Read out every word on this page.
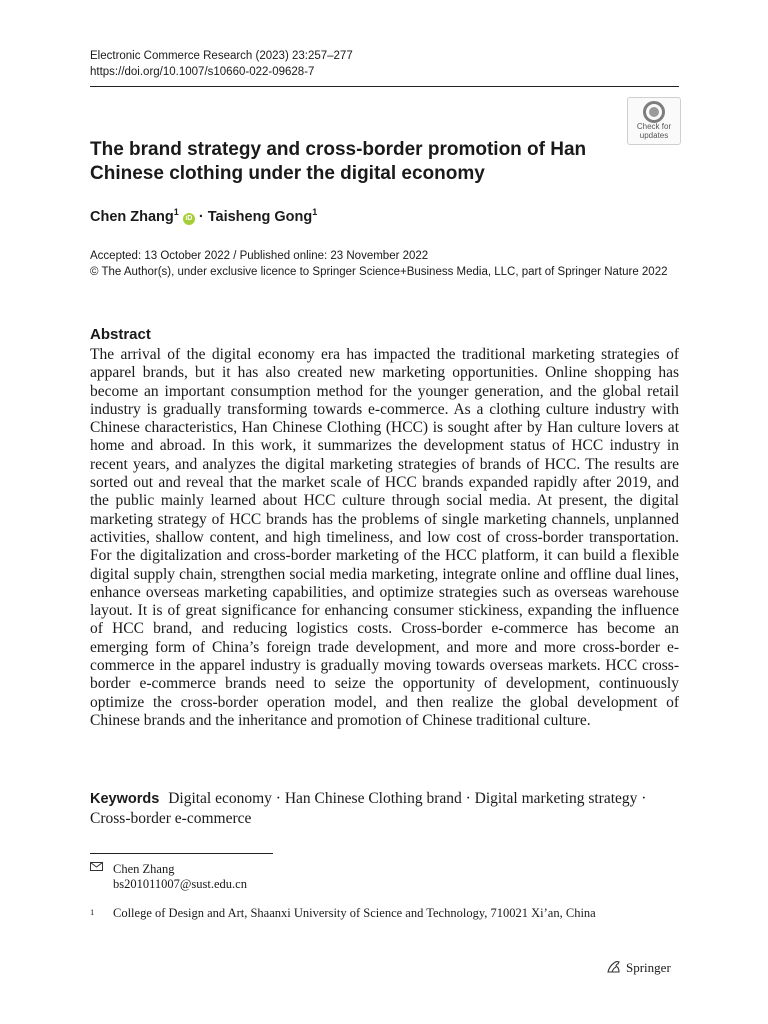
Electronic Commerce Research (2023) 23:257–277
https://doi.org/10.1007/s10660-022-09628-7
Check for
updates
The brand strategy and cross-border promotion of Han Chinese clothing under the digital economy
Chen Zhang$^1$ iD · Taisheng Gong$^1$
Accepted: 13 October 2022 / Published online: 23 November 2022
© The Author(s), under exclusive licence to Springer Science+Business Media, LLC, part of Springer Nature 2022
Abstract

The arrival of the digital economy era has impacted the traditional marketing strategies of apparel brands, but it has also created new marketing opportunities. Online shopping has become an important consumption method for the younger generation, and the global retail industry is gradually transforming towards e-commerce. As a clothing culture industry with Chinese characteristics, Han Chinese Clothing (HCC) is sought after by Han culture lovers at home and abroad. In this work, it summarizes the development status of HCC industry in recent years, and analyzes the digital marketing strategies of brands of HCC. The results are sorted out and reveal that the market scale of HCC brands expanded rapidly after 2019, and the public mainly learned about HCC culture through social media. At present, the digital marketing strategy of HCC brands has the problems of single marketing channels, unplanned activities, shallow content, and high timeliness, and low cost of cross-border transportation. For the digitalization and cross-border marketing of the HCC platform, it can build a flexible digital supply chain, strengthen social media marketing, integrate online and offline dual lines, enhance overseas marketing capabilities, and optimize strategies such as overseas warehouse layout. It is of great significance for enhancing consumer stickiness, expanding the influence of HCC brand, and reducing logistics costs. Cross-border e-commerce has become an emerging form of China’s foreign trade development, and more and more cross-border e-commerce in the apparel industry is gradually moving towards overseas markets. HCC cross-border e-commerce brands need to seize the opportunity of development, continuously optimize the cross-border operation model, and then realize the global development of Chinese brands and the inheritance and promotion of Chinese traditional culture.

Keywords Digital economy · Han Chinese Clothing brand · Digital marketing strategy · Cross-border e-commerce
Chen Zhang
bs201011007@sust.edu.cn
1 College of Design and Art, Shaanxi University of Science and Technology, 710021 Xi’an, China
Springer
